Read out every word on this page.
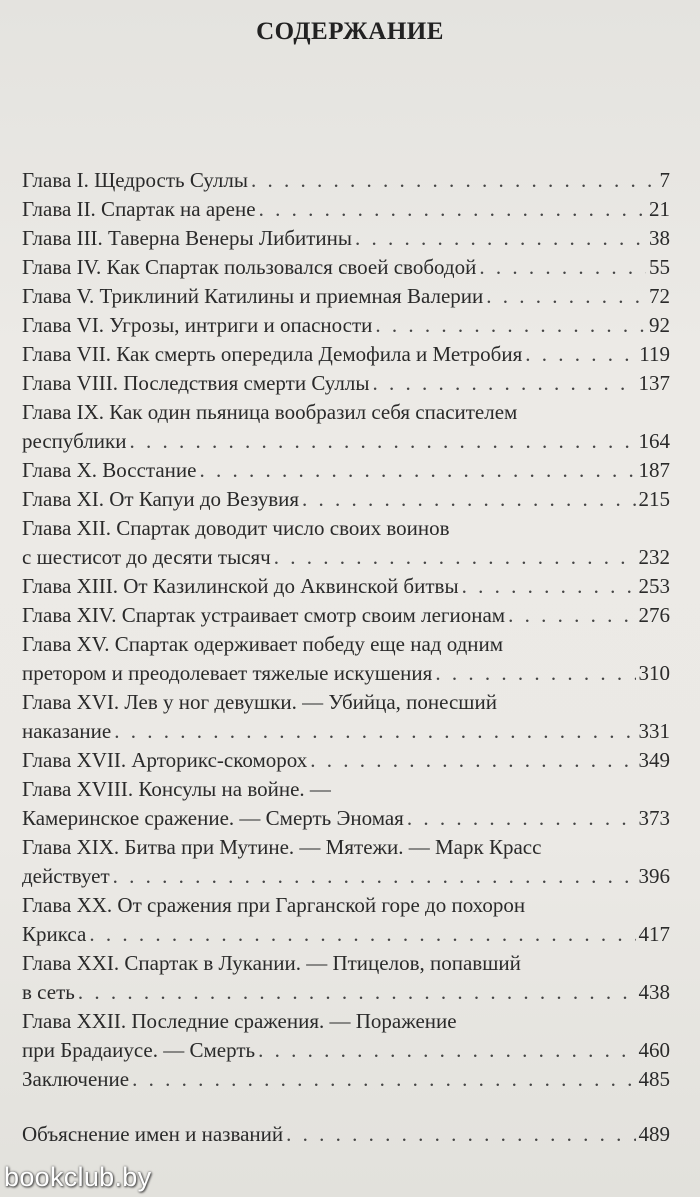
СОДЕРЖАНИЕ
Глава I. Щедрость Суллы . . .	7
Глава II. Спартак на арене . . .	21
Глава III. Таверна Венеры Либитины . . .	38
Глава IV. Как Спартак пользовался своей свободой . . .	55
Глава V. Триклиний Катилины и приемная Валерии . . .	72
Глава VI. Угрозы, интриги и опасности . . .	92
Глава VII. Как смерть опередила Демофила и Метробия . . .	119
Глава VIII. Последствия смерти Суллы . . .	137
Глава IX. Как один пьяница вообразил себя спасителем
республики . . .	164
Глава X. Восстание . . .	187
Глава XI. От Капуи до Везувия . . .	215
Глава XII. Спартак доводит число своих воинов
с шестисот до десяти тысяч . . .	232
Глава XIII. От Казилинской до Аквинской битвы . . .	253
Глава XIV. Спартак устраивает смотр своим легионам . . .	276
Глава XV. Спартак одерживает победу еще над одним
претором и преодолевает тяжелые искушения . . .	310
Глава XVI. Лев у ног девушки. — Убийца, понесший
наказание . . .	331
Глава XVII. Арторикс-скоморох . . .	349
Глава XVIII. Консулы на войне. —
Камеринское сражение. — Смерть Эномая . . .	373
Глава XIX. Битва при Мутине. — Мятежи. — Марк Красс
действует . . .	396
Глава XX. От сражения при Гарганской горе до похорон
Крикса . . .	417
Глава XXI. Спартак в Лукании. — Птицелов, попавший
в сеть . . .	438
Глава XXII. Последние сражения. — Поражение
при Брадаиусе. — Смерть . . .	460
Заключение . . .	485
Объяснение имен и названий . . .	489
bookclub.by
